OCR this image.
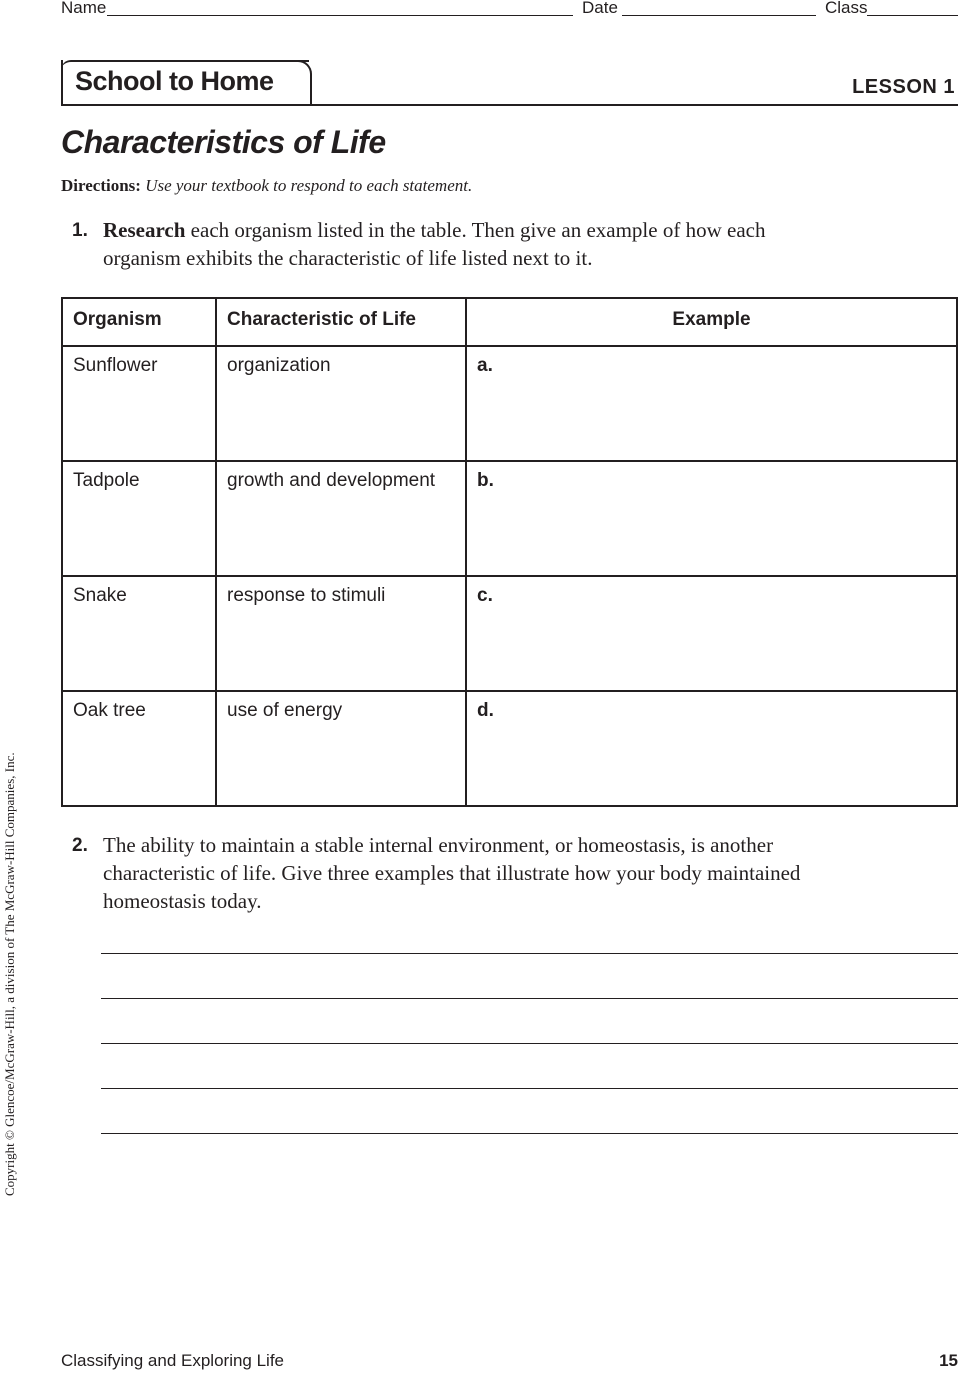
Name	Date	Class
School to Home	LESSON 1
Characteristics of Life
Directions: Use your textbook to respond to each statement.
1. Research each organism listed in the table. Then give an example of how each
organism exhibits the characteristic of life listed next to it.
Organism	Characteristic of Life	Example
Sunflower	organization	a.
Tadpole	growth and development	b.
Snake	response to stimuli	c.
Oak tree	use of energy	d.
2. The ability to maintain a stable internal environment, or homeostasis, is another
characteristic of life. Give three examples that illustrate how your body maintained
homeostasis today.
Copyright © Glencoe/McGraw-Hill, a division of The McGraw-Hill Companies, Inc.
Classifying and Exploring Life	15
